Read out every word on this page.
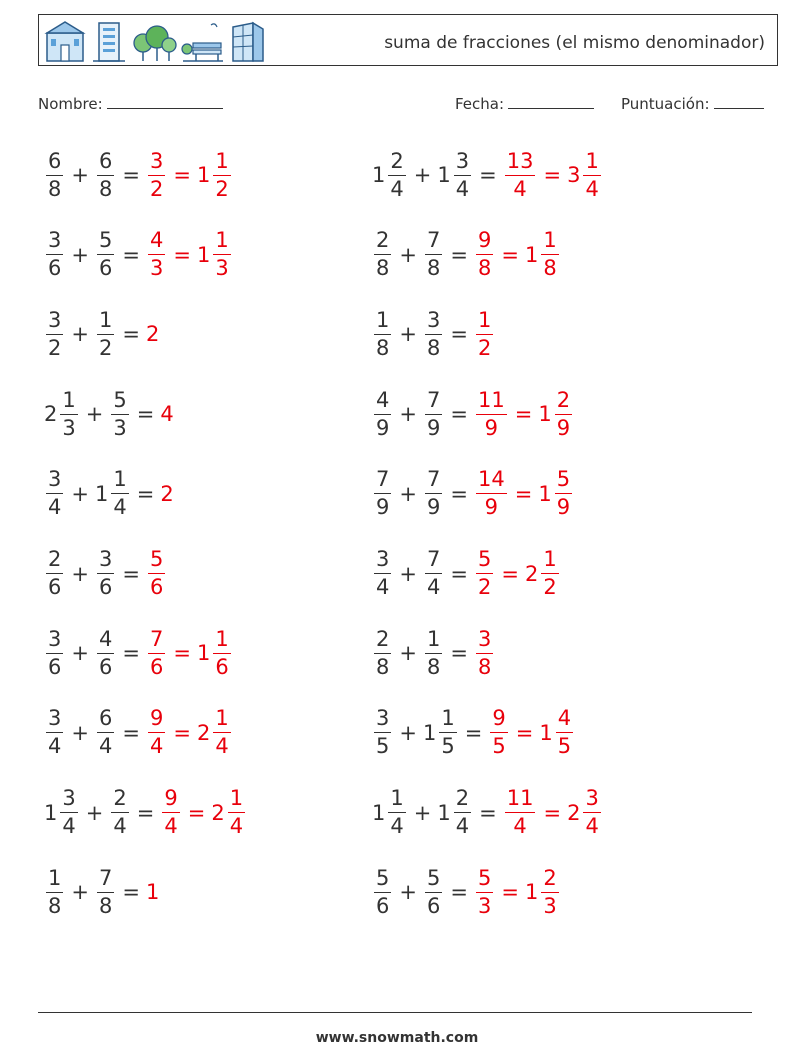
suma de fracciones (el mismo denominador)
Nombre:	Fecha:	Puntuación:
$\frac{6}{8} + \frac{6}{8} = \frac{3}{2} = 1 \frac{1}{2}$	$1 \frac{2}{4} + 1 \frac{3}{4} = \frac{13}{4} = 3 \frac{1}{4}$
$\frac{3}{6} + \frac{5}{6} = \frac{4}{3} = 1 \frac{1}{3}$	$\frac{2}{8} + \frac{7}{8} = \frac{9}{8} = 1 \frac{1}{8}$
$\frac{3}{2} + \frac{1}{2} = 2$	$\frac{1}{8} + \frac{3}{8} = \frac{1}{2}$
$2 \frac{1}{3} + \frac{5}{3} = 4$	$\frac{4}{9} + \frac{7}{9} = \frac{11}{9} = 1 \frac{2}{9}$
$\frac{3}{4} + 1 \frac{1}{4} = 2$	$\frac{7}{9} + \frac{7}{9} = \frac{14}{9} = 1 \frac{5}{9}$
$\frac{2}{6} + \frac{3}{6} = \frac{5}{6}$	$\frac{3}{4} + \frac{7}{4} = \frac{5}{2} = 2 \frac{1}{2}$
$\frac{3}{6} + \frac{4}{6} = \frac{7}{6} = 1 \frac{1}{6}$	$\frac{2}{8} + \frac{1}{8} = \frac{3}{8}$
$\frac{3}{4} + \frac{6}{4} = \frac{9}{4} = 2 \frac{1}{4}$	$\frac{3}{5} + 1 \frac{1}{5} = \frac{9}{5} = 1 \frac{4}{5}$
$1 \frac{3}{4} + \frac{2}{4} = \frac{9}{4} = 2 \frac{1}{4}$	$1 \frac{1}{4} + 1 \frac{2}{4} = \frac{11}{4} = 2 \frac{3}{4}$
$\frac{1}{8} + \frac{7}{8} = 1$	$\frac{5}{6} + \frac{5}{6} = \frac{5}{3} = 1 \frac{2}{3}$
www.snowmath.com
